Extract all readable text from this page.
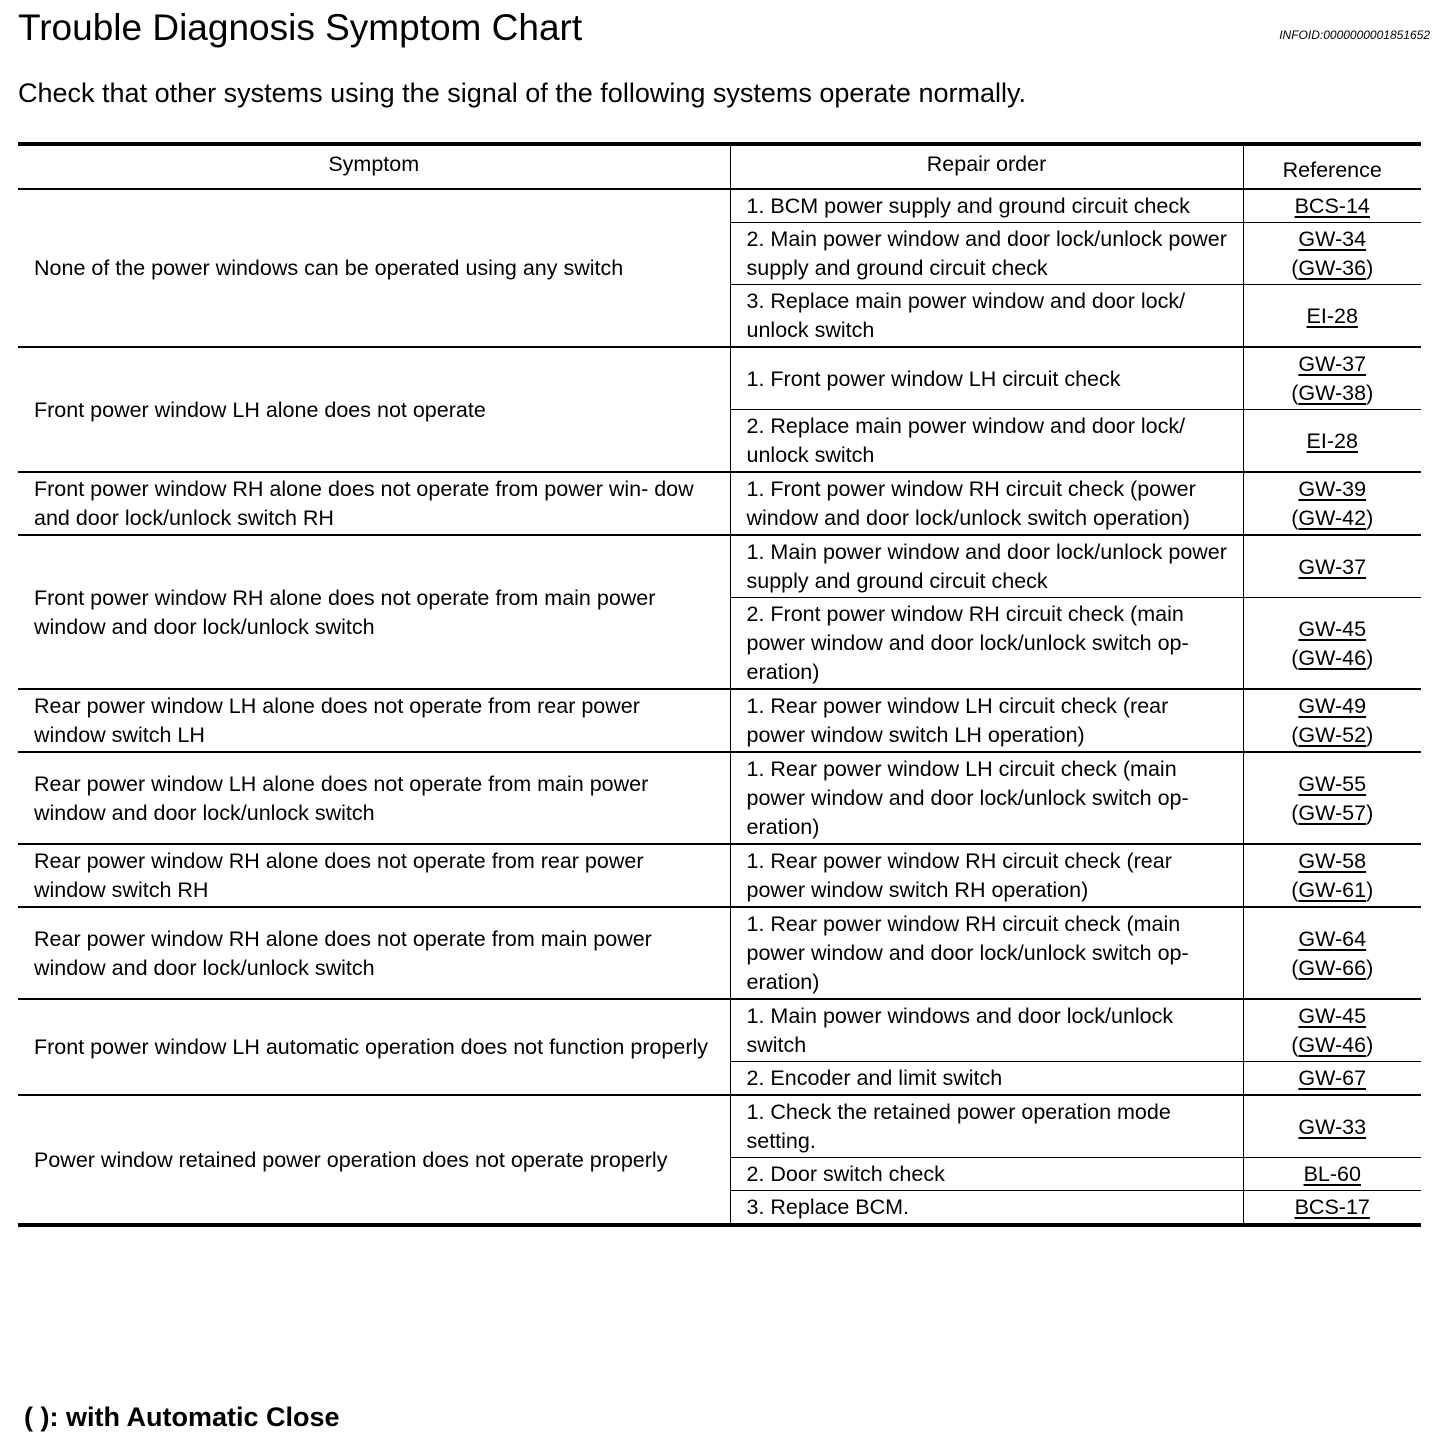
Trouble Diagnosis Symptom Chart	INFOID:0000000001851652
Check that other systems using the signal of the following systems operate normally.
Symptom	Repair order	Reference
None of the power windows can be operated using any switch	1. BCM power supply and ground circuit check	BCS-14

	2. Main power window and door lock/unlock power supply and ground circuit check	GW-34
(GW-36)

	3. Replace main power window and door lock/ unlock switch	EI-28

Front power window LH alone does not operate	1. Front power window LH circuit check	GW-37
(GW-38)

	2. Replace main power window and door lock/ unlock switch	EI-28

Front power window RH alone does not operate from power win- dow and door lock/unlock switch RH	1. Front power window RH circuit check (power window and door lock/unlock switch operation)	GW-39
(GW-42)

Front power window RH alone does not operate from main power window and door lock/unlock switch	1. Main power window and door lock/unlock power supply and ground circuit check	GW-37

	2. Front power window RH circuit check (main power window and door lock/unlock switch op- eration)	GW-45
(GW-46)

Rear power window LH alone does not operate from rear power window switch LH	1. Rear power window LH circuit check (rear power window switch LH operation)	GW-49
(GW-52)

Rear power window LH alone does not operate from main power window and door lock/unlock switch	1. Rear power window LH circuit check (main power window and door lock/unlock switch op- eration)	GW-55
(GW-57)

Rear power window RH alone does not operate from rear power window switch RH	1. Rear power window RH circuit check (rear power window switch RH operation)	GW-58
(GW-61)

Rear power window RH alone does not operate from main power window and door lock/unlock switch	1. Rear power window RH circuit check (main power window and door lock/unlock switch op- eration)	GW-64
(GW-66)

Front power window LH automatic operation does not function properly	1. Main power windows and door lock/unlock switch	GW-45
(GW-46)

	2. Encoder and limit switch	GW-67

Power window retained power operation does not operate properly	1. Check the retained power operation mode setting.	GW-33

	2. Door switch check	BL-60

	3. Replace BCM.	BCS-17
( ): with Automatic Close
